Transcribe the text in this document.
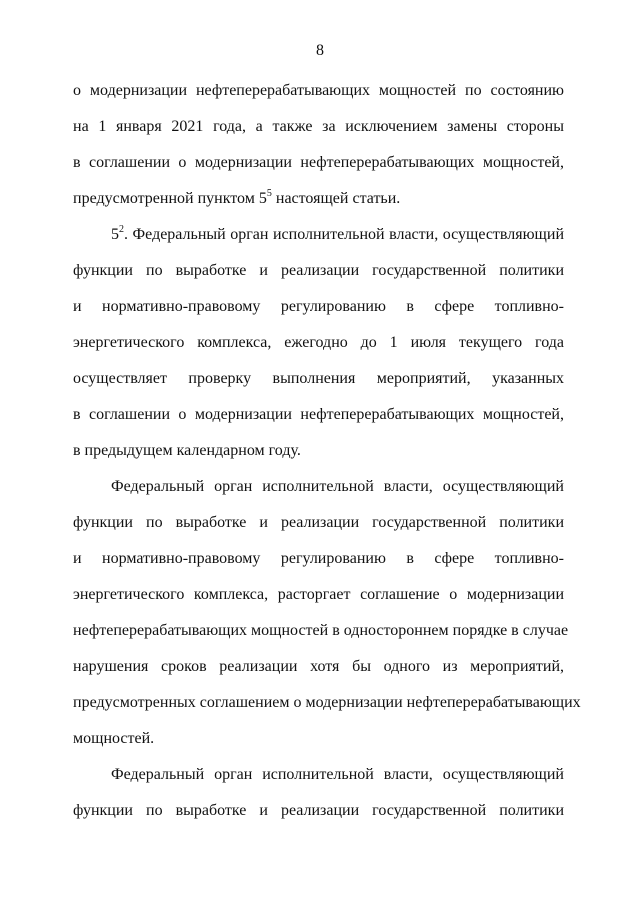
8
о модернизации нефтеперерабатывающих мощностей по состоянию
на 1 января 2021 года, а также за исключением замены стороны
в соглашении о модернизации нефтеперерабатывающих мощностей,
предусмотренной пунктом $5^5$ настоящей статьи.
$5^2$. Федеральный орган исполнительной власти, осуществляющий
функции по выработке и реализации государственной политики
и нормативно-правовому регулированию в сфере топливно-
энергетического комплекса, ежегодно до 1 июля текущего года
осуществляет проверку выполнения мероприятий, указанных
в соглашении о модернизации нефтеперерабатывающих мощностей,
в предыдущем календарном году.
Федеральный орган исполнительной власти, осуществляющий
функции по выработке и реализации государственной политики
и нормативно-правовому регулированию в сфере топливно-
энергетического комплекса, расторгает соглашение о модернизации
нефтеперерабатывающих мощностей в одностороннем порядке в случае
нарушения сроков реализации хотя бы одного из мероприятий,
предусмотренных соглашением о модернизации нефтеперерабатывающих
мощностей.
Федеральный орган исполнительной власти, осуществляющий
функции по выработке и реализации государственной политики
